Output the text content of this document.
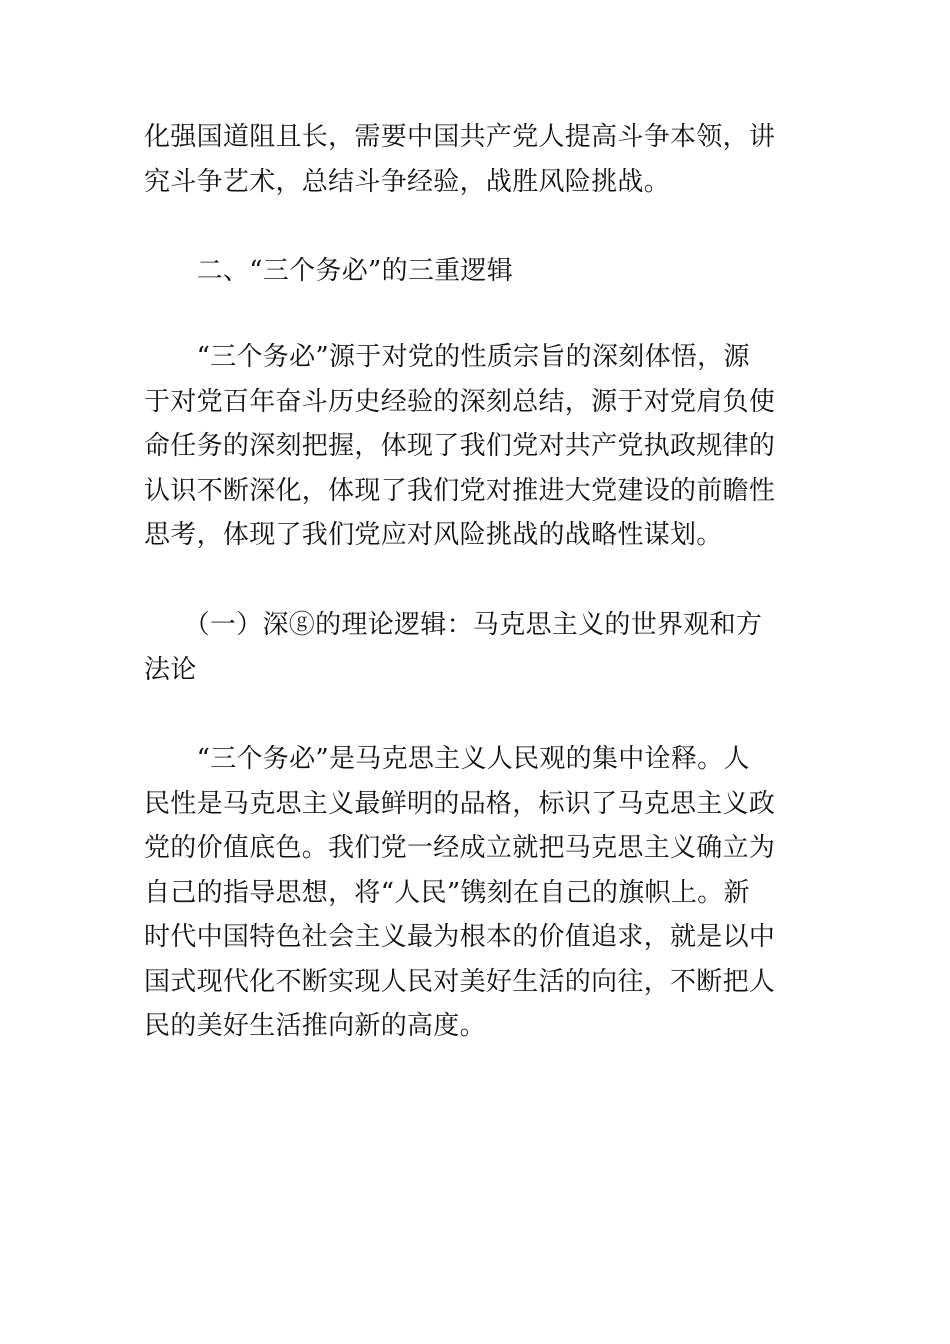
化强国道阻且长，需要中国共产党人提高斗争本领，讲
究斗争艺术，总结斗争经验，战胜风险挑战。

　　二、“三个务必”的三重逻辑

　　“三个务必”源于对党的性质宗旨的深刻体悟，源
于对党百年奋斗历史经验的深刻总结，源于对党肩负使
命任务的深刻把握，体现了我们党对共产党执政规律的
认识不断深化，体现了我们党对推进大党建设的前瞻性
思考，体现了我们党应对风险挑战的战略性谋划。

　　（一）深ⓖ的理论逻辑：马克思主义的世界观和方
法论

　　“三个务必”是马克思主义人民观的集中诠释。人
民性是马克思主义最鲜明的品格，标识了马克思主义政
党的价值底色。我们党一经成立就把马克思主义确立为
自己的指导思想，将“人民”镌刻在自己的旗帜上。新
时代中国特色社会主义最为根本的价值追求，就是以中
国式现代化不断实现人民对美好生活的向往，不断把人
民的美好生活推向新的高度。
